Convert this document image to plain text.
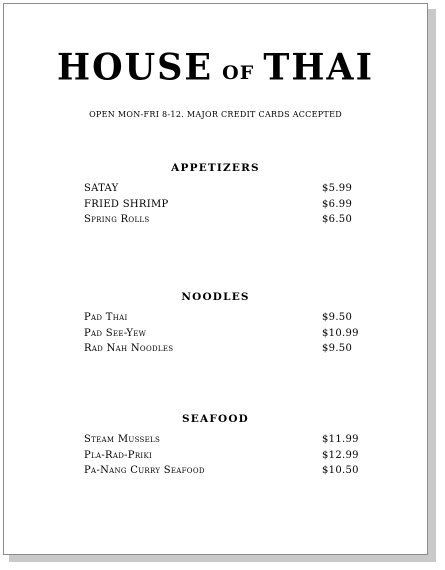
HOUSE OF THAI
OPEN MON-FRI 8-12. MAJOR CREDIT CARDS ACCEPTED
APPETIZERS
SATAY	$5.99
FRIED SHRIMP	$6.99
Spring Rolls	$6.50
NOODLES
Pad Thai	$9.50
Pad See-Yew	$10.99
Rad Nah Noodles	$9.50
SEAFOOD
Steam Mussels	$11.99
Pla-Rad-Priki	$12.99
Pa-Nang Curry Seafood	$10.50
